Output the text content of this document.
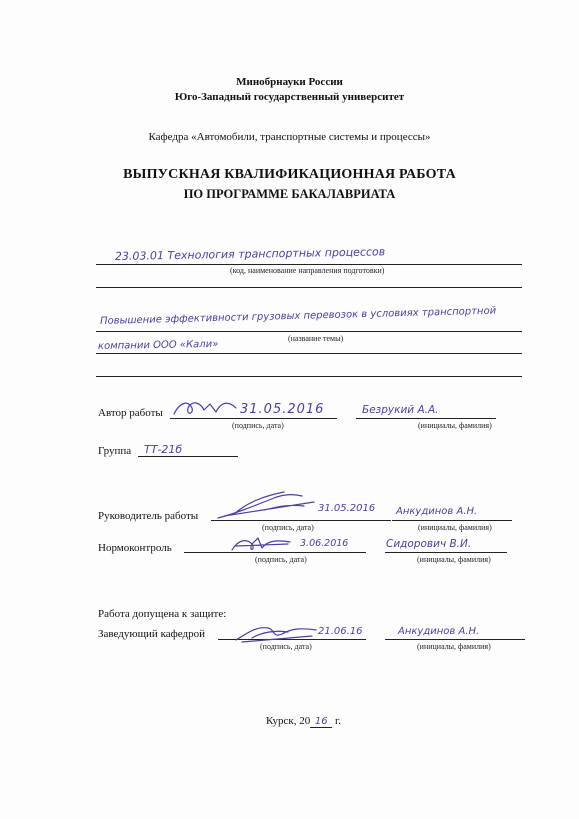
Минобрнауки России
Юго-Западный государственный университет
Кафедра «Автомобили, транспортные системы и процессы»
ВЫПУСКНАЯ КВАЛИФИКАЦИОННАЯ РАБОТА
ПО ПРОГРАММЕ БАКАЛАВРИАТА
23.03.01 Технология транспортных процессов
(код, наименование направления подготовки)
Повышение эффективности грузовых перевозок в условиях транспортной
(название темы)
компании ООО «Кали»
Автор работы	31.05.2016
(подпись, дата)
Безрукий А.А.
(инициалы, фамилия)
Группа ТТ-21б
Руководитель работы
31.05.2016
(подпись, дата)
Анкудинов А.Н.
(инициалы, фамилия)
Нормоконтроль	3.06.2016
(подпись, дата)
Сидорович В.И.
(инициалы, фамилия)
Работа допущена к защите:
Заведующий кафедрой	21.06.16
(подпись, дата)
Анкудинов А.Н.
(инициалы, фамилия)
Курск, 20 16 г.
